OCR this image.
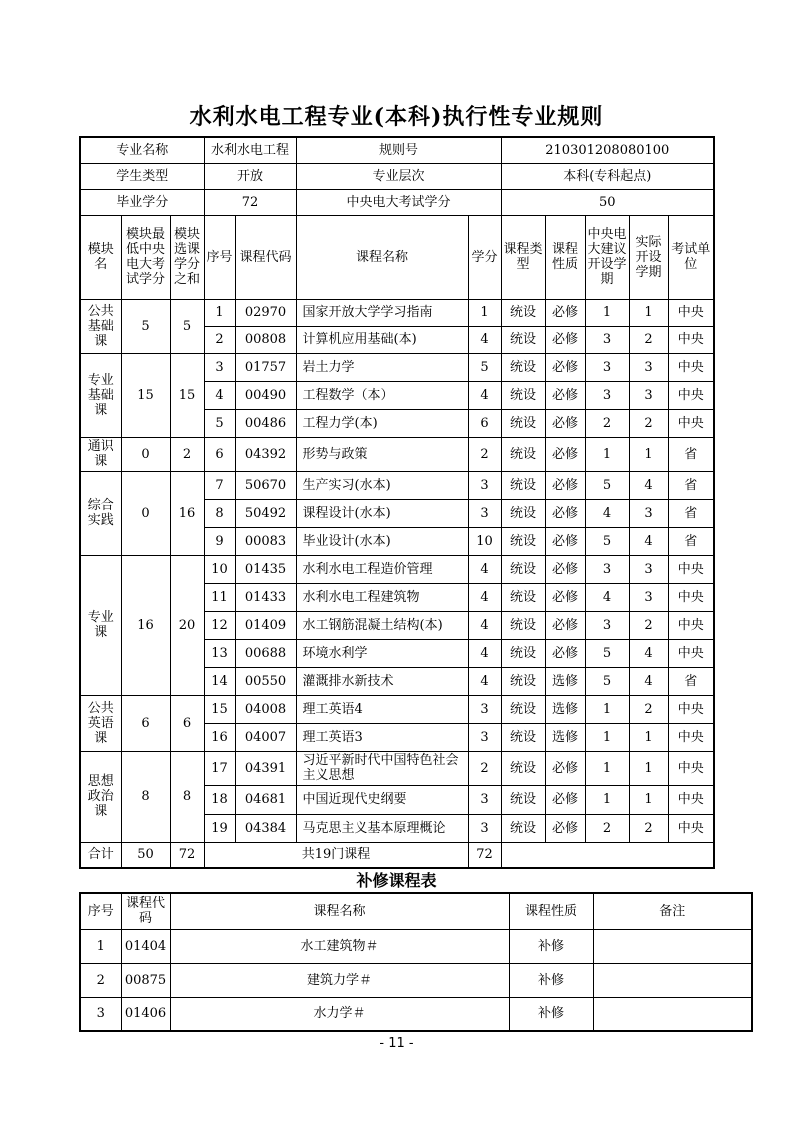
水利水电工程专业(本科)执行性专业规则
专业名称			水利水电工程		规则号		210301208080100				
学生类型			开放		专业层次		本科(专科起点)				
毕业学分			72		中央电大考试学分		50				
模块名	模块最低中央电大考试学分	模块选课学分之和	序号	课程代码	课程名称	学分	课程类型	课程性质	中央电大建议开设学期	实际开设学期	考试单位
公共基础课	5	5	1	02970	国家开放大学学习指南	1	统设	必修	1	1	中央
			2	00808	计算机应用基础(本)	4	统设	必修	3	2	中央
专业基础课	15	15	3	01757	岩土力学	5	统设	必修	3	3	中央
			4	00490	工程数学（本）	4	统设	必修	3	3	中央
			5	00486	工程力学(本)	6	统设	必修	2	2	中央
通识课	0	2	6	04392	形势与政策	2	统设	必修	1	1	省
综合实践	0	16	7	50670	生产实习(水本)	3	统设	必修	5	4	省
			8	50492	课程设计(水本)	3	统设	必修	4	3	省
			9	00083	毕业设计(水本)	10	统设	必修	5	4	省
专业课	16	20	10	01435	水利水电工程造价管理	4	统设	必修	3	3	中央
			11	01433	水利水电工程建筑物	4	统设	必修	4	3	中央
			12	01409	水工钢筋混凝土结构(本)	4	统设	必修	3	2	中央
			13	00688	环境水利学	4	统设	必修	5	4	中央
			14	00550	灌溉排水新技术	4	统设	选修	5	4	省
公共英语课	6	6	15	04008	理工英语4	3	统设	选修	1	2	中央
			16	04007	理工英语3	3	统设	选修	1	1	中央
思想政治课	8	8	17	04391	习近平新时代中国特色社会主义思想	2	统设	必修	1	1	中央
			18	04681	中国近现代史纲要	3	统设	必修	1	1	中央
			19	04384	马克思主义基本原理概论	3	统设	必修	2	2	中央
合计	50	72	共19门课程			72					
补修课程表
序号	课程代码	课程名称	课程性质	备注
1	01404	水工建筑物＃	补修	
2	00875	建筑力学＃	补修	
3	01406	水力学＃	补修	
- 11 -
